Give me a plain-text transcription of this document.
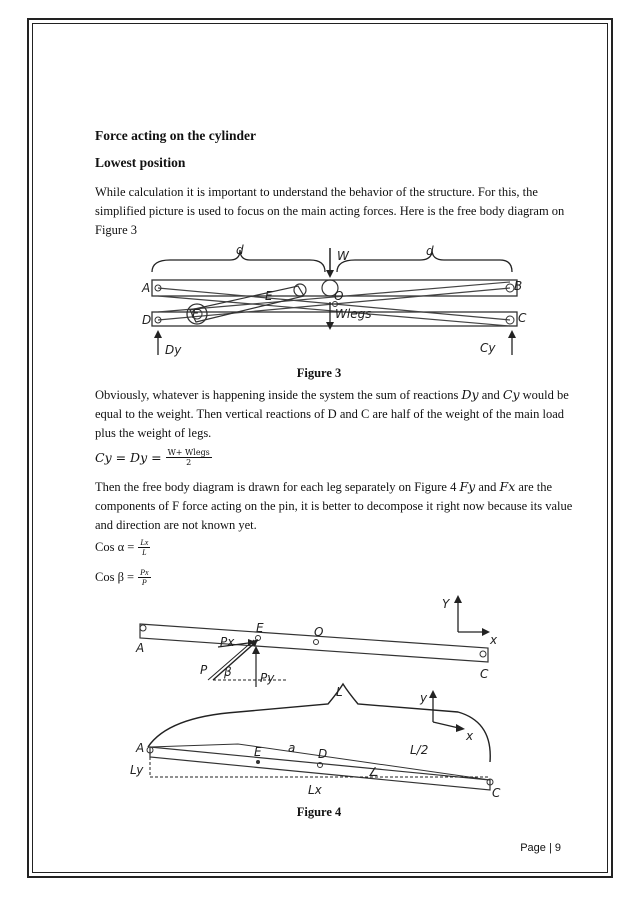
Force acting on the cylinder
Lowest position
While calculation it is important to understand the behavior of the structure. For this, the simplified picture is used to focus on the main acting forces. Here is the free body diagram on Figure 3
d	d
W
A	B
C
D
E
F
O
Wlegs
Dy	Cy
Figure 3
Obviously, whatever is happening inside the system the sum of reactions Dy and Cy would be equal to the weight. Then vertical reactions of D and C are half of the weight of the main load plus the weight of legs.
$Cy = Dy = \frac{\text{W+ Wlegs}}{2}$
Then the free body diagram is drawn for each leg separately on Figure 4 Fy and Fx are the components of F force acting on the pin, it is better to decompose it right now because its value and direction are not known yet.
Cos $\alpha = \frac{Lx}{L}$
Cos $\beta = \frac{Px}{P}$
A
E	O
C
Y
x
Px
P β Py
L	y
x
A	E a D	L/2
Ly
Lx
∠
C
Figure 4
Page | 9
